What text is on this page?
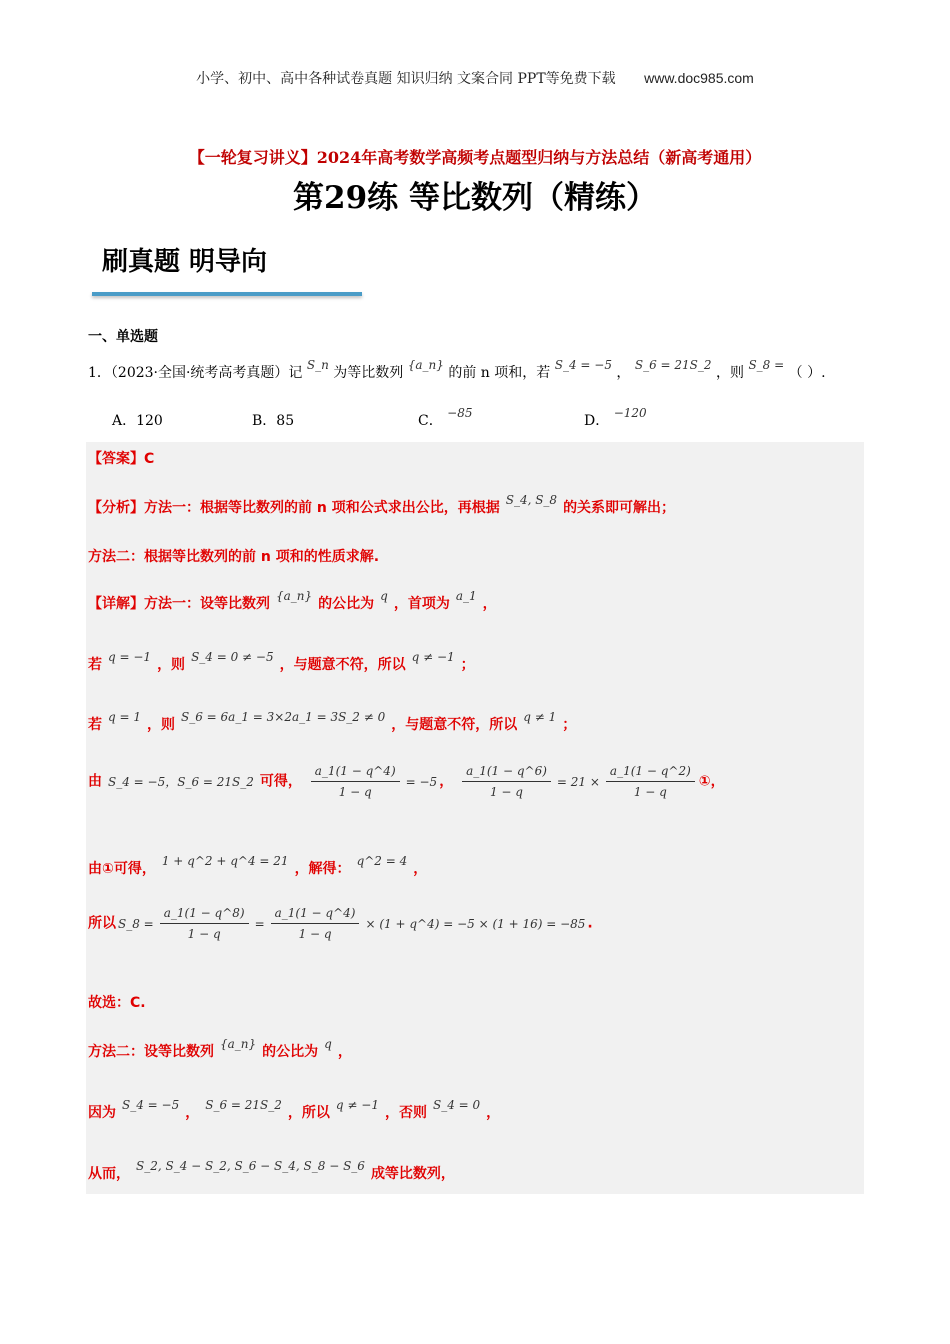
小学、初中、高中各种试卷真题 知识归纳 文案合同 PPT等免费下载 www.doc985.com
【一轮复习讲义】2024年高考数学高频考点题型归纳与方法总结（新高考通用）
第29练 等比数列（精练）
刷真题 明导向
一、单选题
1．（2023·全国·统考高考真题）记 S_n 为等比数列 {a_n} 的前 n 项和，若 S_4 = −5 ， S_6 = 21S_2 ，则 S_8 = （ ）.
A．120	B．85	C． −85	D． −120
【答案】C
【分析】方法一：根据等比数列的前 n 项和公式求出公比，再根据 S_4, S_8 的关系即可解出；
方法二：根据等比数列的前 n 项和的性质求解.
【详解】方法一：设等比数列 {a_n} 的公比为 q ，首项为 a_1 ，
若 q = −1 ，则 S_4 = 0 ≠ −5 ，与题意不符，所以 q ≠ −1 ；
若 q = 1 ，则 S_6 = 6a_1 = 3×2a_1 = 3S_2 ≠ 0 ，与题意不符，所以 q ≠ 1 ；
由 S_4 = −5，S_6 = 21S_2 可得， $\frac{a\_1(1 - q\^{}4)}{1 - q} = -5$ ， $\frac{a\_1(1 - q\^{}6)}{1 - q} = 21 \times \frac{a\_1(1 - q\^{}2)}{1 - q}$ ①，
由①可得， 1 + q^2 + q^4 = 21 ，解得： q^2 = 4 ，
所以 S_8 = $\frac{a\_1(1 - q\^{}8)}{1 - q} = \frac{a\_1(1 - q\^{}4)}{1 - q} \times (1$ + q^4) = −5 × (1 + 16) = −85 .
故选：C.
方法二：设等比数列 {a_n} 的公比为 q ，
因为 S_4 = −5 ， S_6 = 21S_2 ，所以 q ≠ −1 ，否则 S_4 = 0 ，
从而， S_2, S_4 − S_2, S_6 − S_4, S_8 − S_6 成等比数列，
